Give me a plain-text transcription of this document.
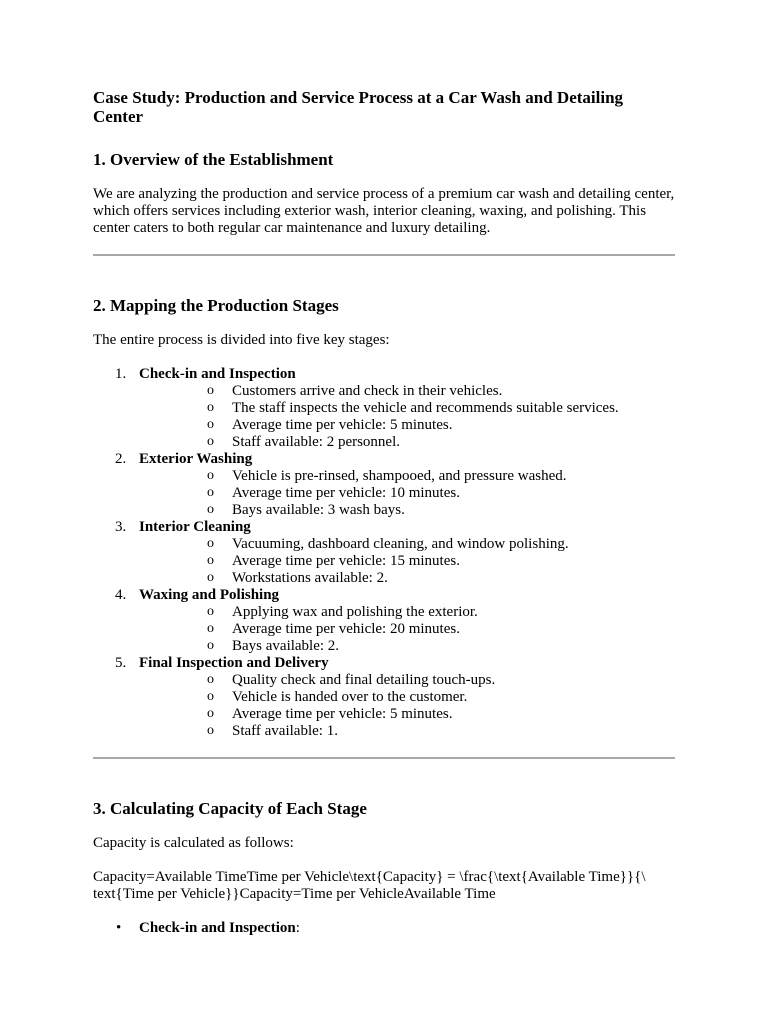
Case Study: Production and Service Process at a Car Wash and Detailing Center
1. Overview of the Establishment

We are analyzing the production and service process of a premium car wash and detailing center, which offers services including exterior wash, interior cleaning, waxing, and polishing. This center caters to both regular car maintenance and luxury detailing.

2. Mapping the Production Stages

The entire process is divided into five key stages:

1. Check-in and Inspection
o Customers arrive and check in their vehicles.
o The staff inspects the vehicle and recommends suitable services.
o Average time per vehicle: 5 minutes.
o Staff available: 2 personnel.
2. Exterior Washing
o Vehicle is pre-rinsed, shampooed, and pressure washed.
o Average time per vehicle: 10 minutes.
o Bays available: 3 wash bays.
3. Interior Cleaning
o Vacuuming, dashboard cleaning, and window polishing.
o Average time per vehicle: 15 minutes.
o Workstations available: 2.
4. Waxing and Polishing
o Applying wax and polishing the exterior.
o Average time per vehicle: 20 minutes.
o Bays available: 2.
5. Final Inspection and Delivery
o Quality check and final detailing touch-ups.
o Vehicle is handed over to the customer.
o Average time per vehicle: 5 minutes.
o Staff available: 1.
3. Calculating Capacity of Each Stage

Capacity is calculated as follows:

Capacity=Available TimeTime per Vehicle\text{Capacity} = \frac{\text{Available Time}}{\ text{Time per Vehicle}}Capacity=Time per VehicleAvailable Time

• Check-in and Inspection:
